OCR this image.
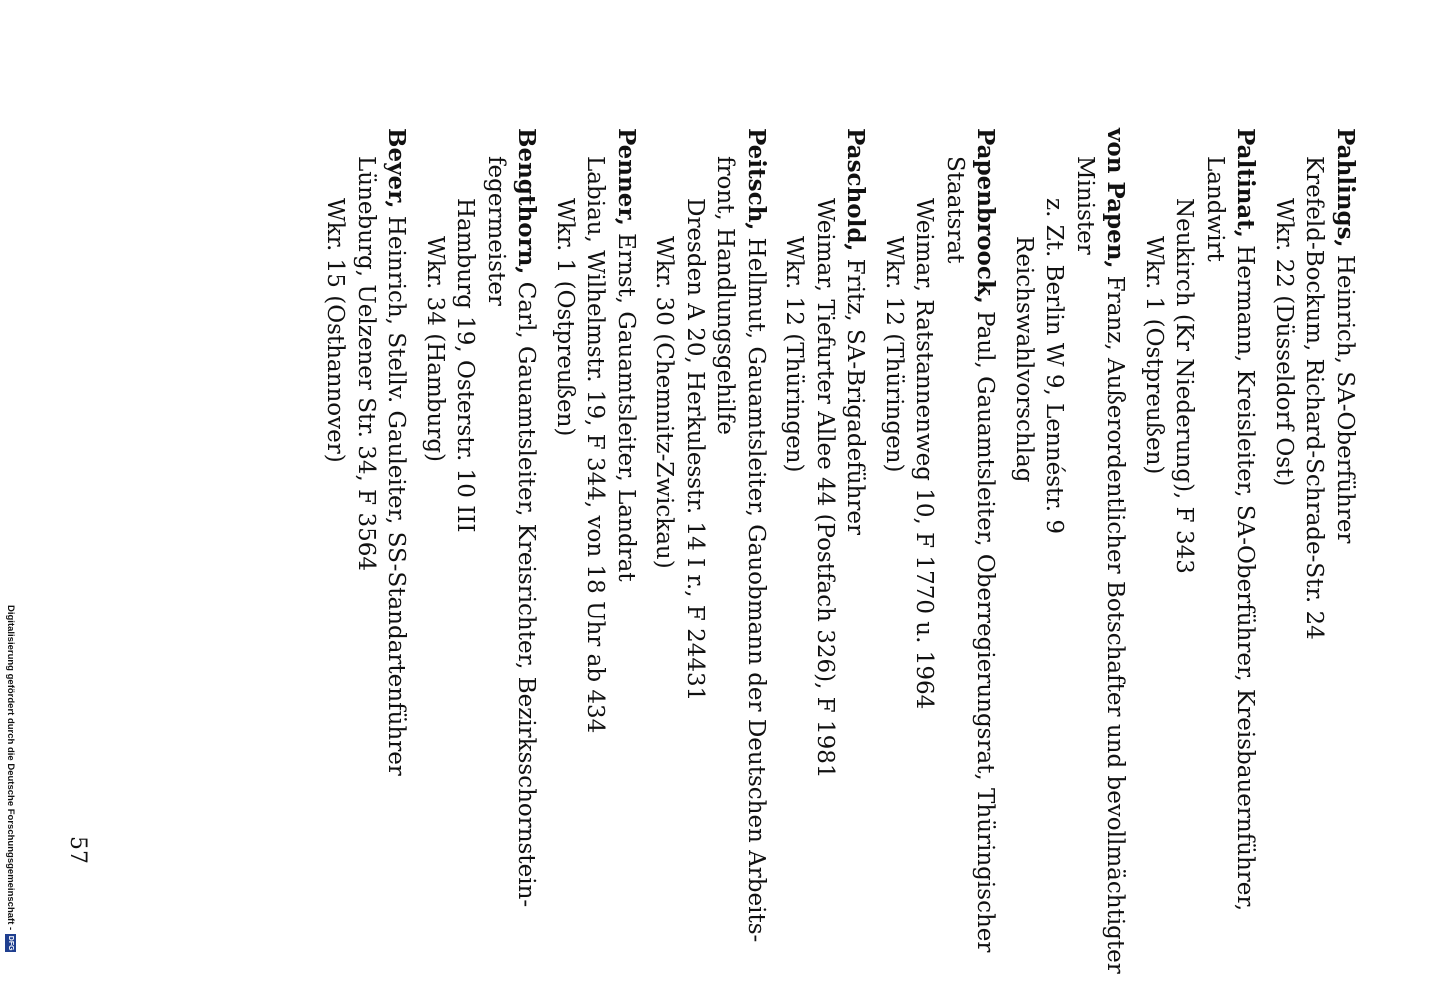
Pahlings, Heinrich, SA-Oberführer
Krefeld-Bockum, Richard-Schrade-Str. 24
Wkr. 22 (Düsseldorf Ost)
Paltinat, Hermann, Kreisleiter, SA-Oberführer, Kreisbauernführer,
Landwirt
Neukirch (Kr Niederung), F 343
Wkr. 1 (Ostpreußen)
von Papen, Franz, Außerordentlicher Botschafter und bevollmächtigter
Minister
z. Zt. Berlin W 9, Lennéstr. 9
Reichswahlvorschlag
Papenbroock, Paul, Gauamtsleiter, Oberregierungsrat, Thüringischer
Staatsrat
Weimar, Ratstannenweg 10, F 1770 u. 1964
Wkr. 12 (Thüringen)
Paschold, Fritz, SA-Brigadeführer
Weimar, Tiefurter Allee 44 (Postfach 326), F 1981
Wkr. 12 (Thüringen)
Peitsch, Hellmut, Gauamtsleiter, Gauobmann der Deutschen Arbeits-
front, Handlungsgehilfe
Dresden A 20, Herkulesstr. 14 I r., F 24431
Wkr. 30 (Chemnitz-Zwickau)
Penner, Ernst, Gauamtsleiter, Landrat
Labiau, Wilhelmstr. 19, F 344, von 18 Uhr ab 434
Wkr. 1 (Ostpreußen)
Bengthorn, Carl, Gauamtsleiter, Kreisrichter, Bezirksschornstein-
fegermeister
Hamburg 19, Osterstr. 10 III
Wkr. 34 (Hamburg)
Beyer, Heinrich, Stellv. Gauleiter, SS-Standartenführer
Lüneburg, Uelzener Str. 34, F 3564
Wkr. 15 (Osthannover)
57
Digitalisierung gefördert durch die Deutsche Forschungsgemeinschaft -
DFG
